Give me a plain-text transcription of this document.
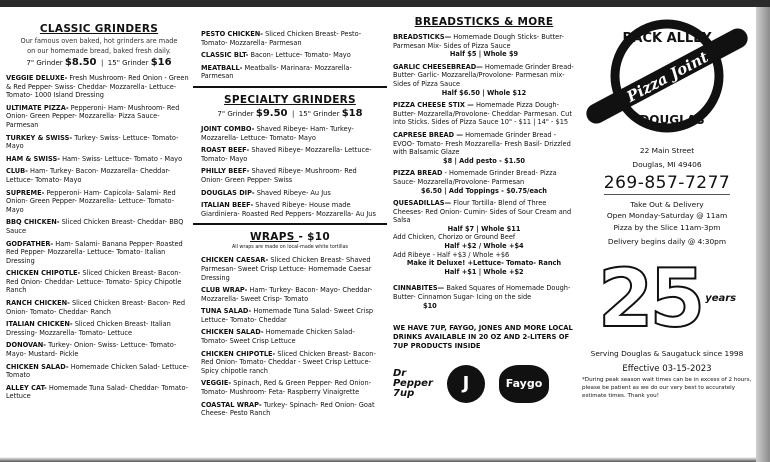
CLASSIC GRINDERS
Our famous oven baked, hot grinders are made
on our homemade bread, baked fresh daily.
7" Grinder $8.50  |  15" Grinder $16
VEGGIE DELUXE- Fresh Mushroom- Red Onion - Green & Red Pepper- Swiss- Cheddar- Mozzarella- Lettuce- Tomato- 1000 Island Dressing
ULTIMATE PIZZA- Pepperoni- Ham- Mushroom- Red Onion- Green Pepper- Mozzarella- Pizza Sauce- Parmesan
TURKEY & SWISS- Turkey- Swiss- Lettuce- Tomato- Mayo
HAM & SWISS- Ham- Swiss- Lettuce- Tomato - Mayo
CLUB- Ham- Turkey- Bacon- Mozzarella- Cheddar- Lettuce- Tomato- Mayo
SUPREME- Pepperoni- Ham- Capicola- Salami- Red Onion- Green Pepper- Mozzarella- Lettuce- Tomato- Mayo
BBQ CHICKEN- Sliced Chicken Breast- Cheddar- BBQ Sauce
GODFATHER- Ham- Salami- Banana Pepper- Roasted Red Pepper- Mozzarella- Lettuce- Tomato- Italian Dressing
CHICKEN CHIPOTLE- Sliced Chicken Breast- Bacon- Red Onion- Cheddar- Lettuce- Tomato- Spicy Chipotle Ranch
RANCH CHICKEN- Sliced Chicken Breast- Bacon- Red Onion- Tomato- Cheddar- Ranch
ITALIAN CHICKEN- Sliced Chicken Breast- Italian Dressing- Mozzarella- Tomato- Lettuce
DONOVAN- Turkey- Onion- Swiss- Lettuce- Tomato- Mayo- Mustard- Pickle
CHICKEN SALAD- Homemade Chicken Salad- Lettuce- Tomato
ALLEY CAT- Homemade Tuna Salad- Cheddar- Tomato- Lettuce
PESTO CHICKEN- Sliced Chicken Breast- Pesto- Tomato- Mozzarella- Parmesan
CLASSIC BLT- Bacon- Lettuce- Tomato- Mayo
MEATBALL- Meatballs- Marinara- Mozzarella- Parmesan
SPECIALTY GRINDERS
7" Grinder $9.50  |  15" Grinder $18
JOINT COMBO- Shaved Ribeye- Ham- Turkey- Mozzarella- Lettuce- Tomato- Mayo
ROAST BEEF- Shaved Ribeye- Mozzarella- Lettuce- Tomato- Mayo
PHILLY BEEF- Shaved Ribeye- Mushroom- Red Onion- Green Pepper- Swiss
DOUGLAS DIP- Shaved Ribeye- Au Jus
ITALIAN BEEF- Shaved Ribeye- House made Giardiniera- Roasted Red Peppers- Mozzarella- Au Jus
WRAPS - $10
All wraps are made on local-made white tortillas
CHICKEN CAESAR- Sliced Chicken Breast- Shaved Parmesan- Sweet Crisp Lettuce- Homemade Caesar Dressing
CLUB WRAP- Ham- Turkey- Bacon- Mayo- Cheddar- Mozzarella- Sweet Crisp- Tomato
TUNA SALAD- Homemade Tuna Salad- Sweet Crisp Lettuce- Tomato- Cheddar
CHICKEN SALAD- Homemade Chicken Salad- Tomato- Sweet Crisp Lettuce
CHICKEN CHIPOTLE- Sliced Chicken Breast- Bacon- Red Onion- Tomato- Cheddar - Sweet Crisp Lettuce- Spicy chipotle ranch
VEGGIE- Spinach, Red & Green Pepper- Red Onion- Tomato- Mushroom- Feta- Raspberry Vinaigrette
COASTAL WRAP- Turkey- Spinach- Red Onion- Goat Cheese- Pesto Ranch
BREADSTICKS & MORE
BREADSTICKS— Homemade Dough Sticks- Butter- Parmesan Mix- Sides of Pizza Sauce
Half $5 | Whole $9
GARLIC CHEESEBREAD— Homemade Grinder Bread- Butter- Garlic- Mozzarella/Provolone- Parmesan mix- Sides of Pizza Sauce
Half $6.50 | Whole $12
PIZZA CHEESE STIX — Homemade Pizza Dough- Butter- Mozzarella/Provolone- Cheddar- Parmesan. Cut into Sticks. Sides of Pizza Sauce 10" - $11 | 14" - $15
CAPRESE BREAD — Homemade Grinder Bread - EVOO- Tomato- Fresh Mozzarella- Fresh Basil- Drizzled with Balsamic Glaze
$8 | Add pesto - $1.50
PIZZA BREAD - Homemade Grinder Bread- Pizza Sauce- Mozzarella/Provolone- Parmesan
$6.50 | Add Toppings - $0.75/each
QUESADILLAS— Flour Tortilla- Blend of Three Cheeses- Red Onion- Cumin- Sides of Sour Cream and Salsa
Half $7 | Whole $11
Add Chicken, Chorizo or Ground Beef
Half +$2 / Whole +$4
Add Ribeye - Half +$3 / Whole +$6
Make it Deluxe! +Lettuce- Tomato- Ranch
Half +$1 | Whole +$2
CINNABITES— Baked Squares of Homemade Dough- Butter- Cinnamon Sugar- Icing on the side $10
WE HAVE 7UP, FAYGO, JONES AND MORE LOCAL DRINKS AVAILABLE IN 20 OZ AND 2-LITERS OF 7UP PRODUCTS INSIDE
Dr Pepper
7up	J	Faygo
BACK ALLEY
Pizza Joint
DOUGLAS
22 Main Street
Douglas, MI 49406
269-857-7277
Take Out & Delivery
Open Monday-Saturday @ 11am
Pizza by the Slice 11am-3pm
Delivery begins daily @ 4:30pm
25 years
Serving Douglas & Saugatuck since 1998
Effective 03-15-2023
*During peak season wait times can be in excess of 2 hours, please be patient as we do our very best to accurately estimate times. Thank you!
